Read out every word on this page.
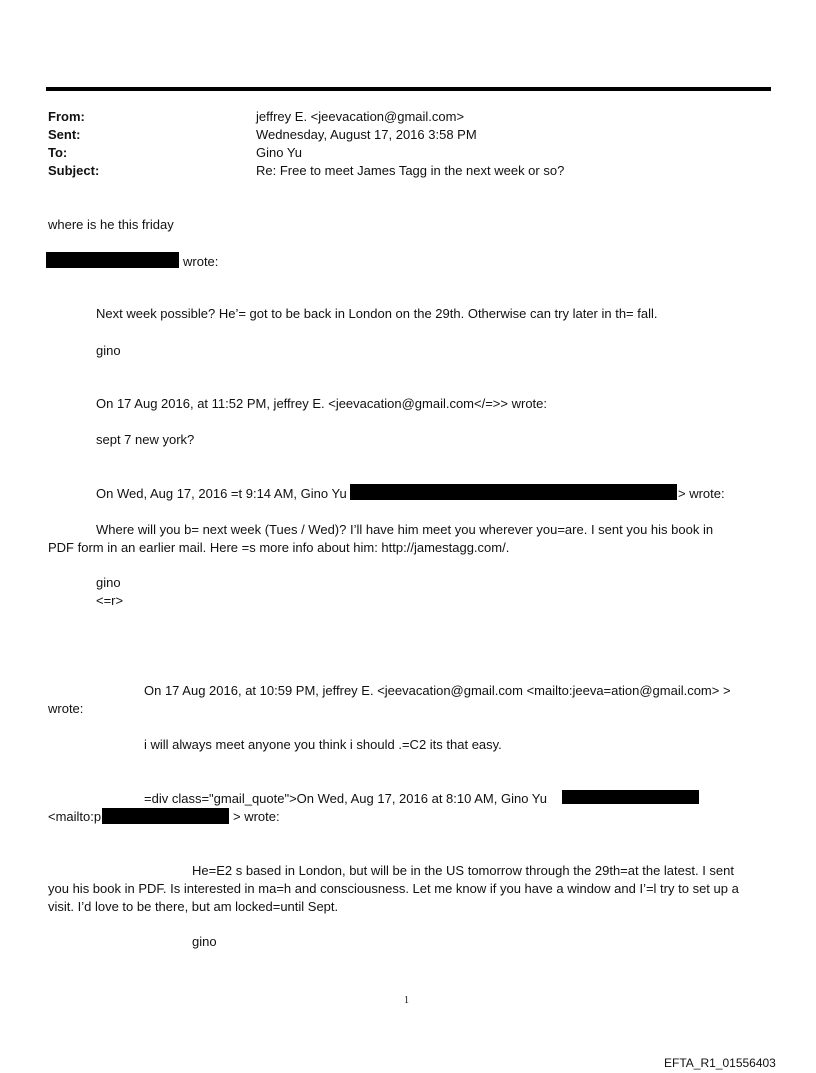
From:	jeffrey E. <jeevacation@gmail.com>
Sent:	Wednesday, August 17, 2016 3:58 PM
To:	Gino Yu
Subject:	Re: Free to meet James Tagg in the next week or so?
where is he this friday
wrote:
Next week possible? He’= got to be back in London on the 29th. Otherwise can try later in th= fall.
gino
On 17 Aug 2016, at 11:52 PM, jeffrey E. <jeevacation@gmail.com</=>> wrote:
sept 7 new york?
On Wed, Aug 17, 2016 =t 9:14 AM, Gino Yu	> wrote:
Where will you b= next week (Tues / Wed)? I’ll have him meet you wherever you=are. I sent you his book in
PDF form in an earlier mail. Here =s more info about him: http://jamestagg.com/.
gino
<=r>
On 17 Aug 2016, at 10:59 PM, jeffrey E. <jeevacation@gmail.com <mailto:jeeva=ation@gmail.com> >
wrote:
i will always meet anyone you think i should .=C2 its that easy.
=div class="gmail_quote">On Wed, Aug 17, 2016 at 8:10 AM, Gino Yu
<mailto:p	> wrote:
He=E2 s based in London, but will be in the US tomorrow through the 29th=at the latest. I sent
you his book in PDF. Is interested in ma=h and consciousness. Let me know if you have a window and I’=l try to set up a
visit. I’d love to be there, but am locked=until Sept.
gino
1
EFTA_R1_01556403
